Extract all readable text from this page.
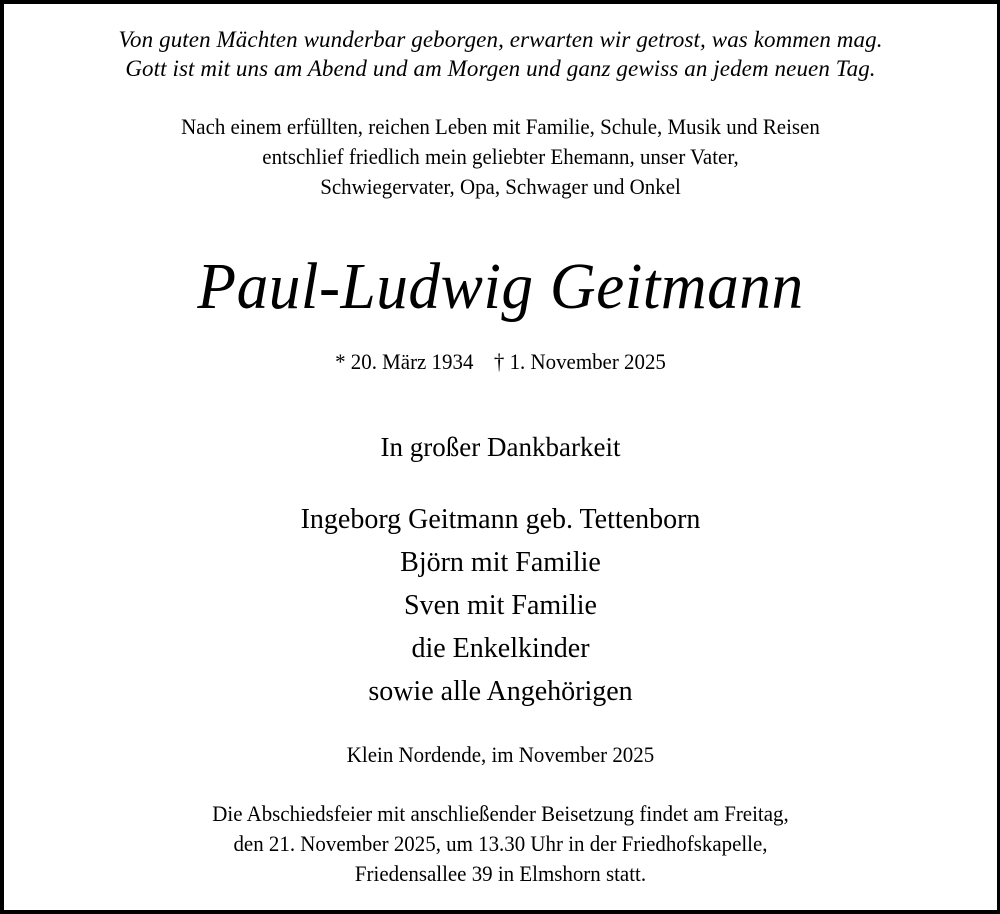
Von guten Mächten wunderbar geborgen, erwarten wir getrost, was kommen mag.
Gott ist mit uns am Abend und am Morgen und ganz gewiss an jedem neuen Tag.
Nach einem erfüllten, reichen Leben mit Familie, Schule, Musik und Reisen
entschlief friedlich mein geliebter Ehemann, unser Vater,
Schwiegervater, Opa, Schwager und Onkel
Paul-Ludwig Geitmann
* 20. März 1934 † 1. November 2025
In großer Dankbarkeit
Ingeborg Geitmann geb. Tettenborn
Björn mit Familie
Sven mit Familie
die Enkelkinder
sowie alle Angehörigen
Klein Nordende, im November 2025
Die Abschiedsfeier mit anschließender Beisetzung findet am Freitag,
den 21. November 2025, um 13.30 Uhr in der Friedhofskapelle,
Friedensallee 39 in Elmshorn statt.
